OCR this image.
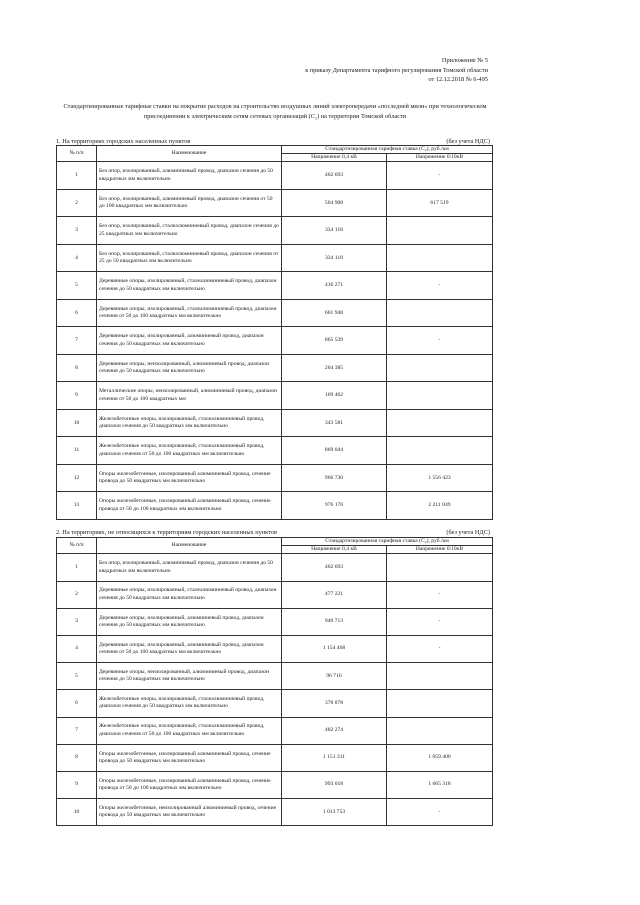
Приложение № 5
к приказу Департамента тарифного регулирования Томской области
от 12.12.2018 № 6-495
Стандартизированные тарифные ставки на покрытие расходов на строительство воздушных линий электропередачи «последней мили» при технологическом присоединении к электрическим сетям сетевых организаций (С₂) на территории Томской области
1. На территориях городских населенных пунктов	(без учета НДС)
№ п/п	Наименование	Стандартизированная тарифная ставка (С₂), руб./км	
		Напряжение 0,4 кВ	Напряжение 6/10кВ
1	Без опор, изолированный, алюминиевый провод, диапазон сечения до 50 квадратных мм включительно	462 693	-
2	Без опор, изолированный, алюминиевый провод, диапазон сечения от 50 до 100 квадратных мм включительно	504 908	617 519
3	Без опор, изолированный, сталеалюминиевый провод, диапазон сечения до 25 квадратных мм включительно	334 118	
4	Без опор, изолированный, сталеалюминиевый провод, диапазон сечения от 25 до 50 квадратных мм включительно	334 118	
5	Деревянные опоры, изолированный, сталеалюминиевый провод, диапазон сечения до 50 квадратных мм включительно	416 271	-
6	Деревянные опоры, изолированный, сталеалюминиевый провод, диапазон сечения от 50 до 100 квадратных мм включительно	661 948	
7	Деревянные опоры, изолированный, алюминиевый провод, диапазон сечения до 50 квадратных мм включительно	865 539	-
8	Деревянные опоры, неизолированный, алюминиевый провод, диапазон сечения до 50 квадратных мм включительно	264 385	
9	Металлические опоры, неизолированный, алюминиевый провод, диапазон сечения от 50 до 100 квадратных мм	169 462	
10	Железобетонные опоры, изолированный, сталеалюминиевый провод, диапазон сечения до 50 квадратных мм включительно	343 581	
11	Железобетонные опоры, изолированный, сталеалюминиевый провод, диапазон сечения от 50 до 100 квадратных мм включительно	869 044	
12	Опоры железобетонные, изолированный алюминиевый провод, сечение провода до 50 квадратных мм включительно	966 730	1 556 423
13	Опоры железобетонные, изолированный алюминиевый провод, сечение провода от 50 до 100 квадратных мм включительно	976 176	2 211 049
2. На территориях, не относящихся к территориям городских населенных пунктов	(без учета НДС)
№ п/п	Наименование	Стандартизированная тарифная ставка (С₂), руб./км	
		Напряжение 0,4 кВ	Напряжение 6/10кВ
1	Без опор, изолированный, алюминиевый провод, диапазон сечения до 50 квадратных мм включительно	462 693	
2	Деревянные опоры, изолированный, сталеалюминиевый провод, диапазон сечения до 50 квадратных мм включительно	477 221	-
3	Деревянные опоры, изолированный, алюминиевый провод, диапазон сечения до 50 квадратных мм включительно	940 713	-
4	Деревянные опоры, изолированный, алюминиевый провод, диапазон сечения от 50 до 100 квадратных мм включительно	1 154 468	-
5	Деревянные опоры, неизолированный, алюминиевый провод, диапазон сечения до 50 квадратных мм включительно	96 716	
6	Железобетонные опоры, изолированный, сталеалюминиевый провод, диапазон сечения до 50 квадратных мм включительно	378 878	
7	Железобетонные опоры, изолированный, сталеалюминиевый провод, диапазон сечения от 50 до 100 квадратных мм включительно	482 274	
8	Опоры железобетонные, изолированный алюминиевый провод, сечение провода до 50 квадратных мм включительно	1 151 311	1 059 400
9	Опоры железобетонные, изолированный алюминиевый провод, сечение провода от 50 до 100 квадратных мм включительно	993 018	1 665 318
10	Опоры железобетонные, неизолированный алюминиевый провод, сечение провода до 50 квадратных мм включительно	1 013 753	-
